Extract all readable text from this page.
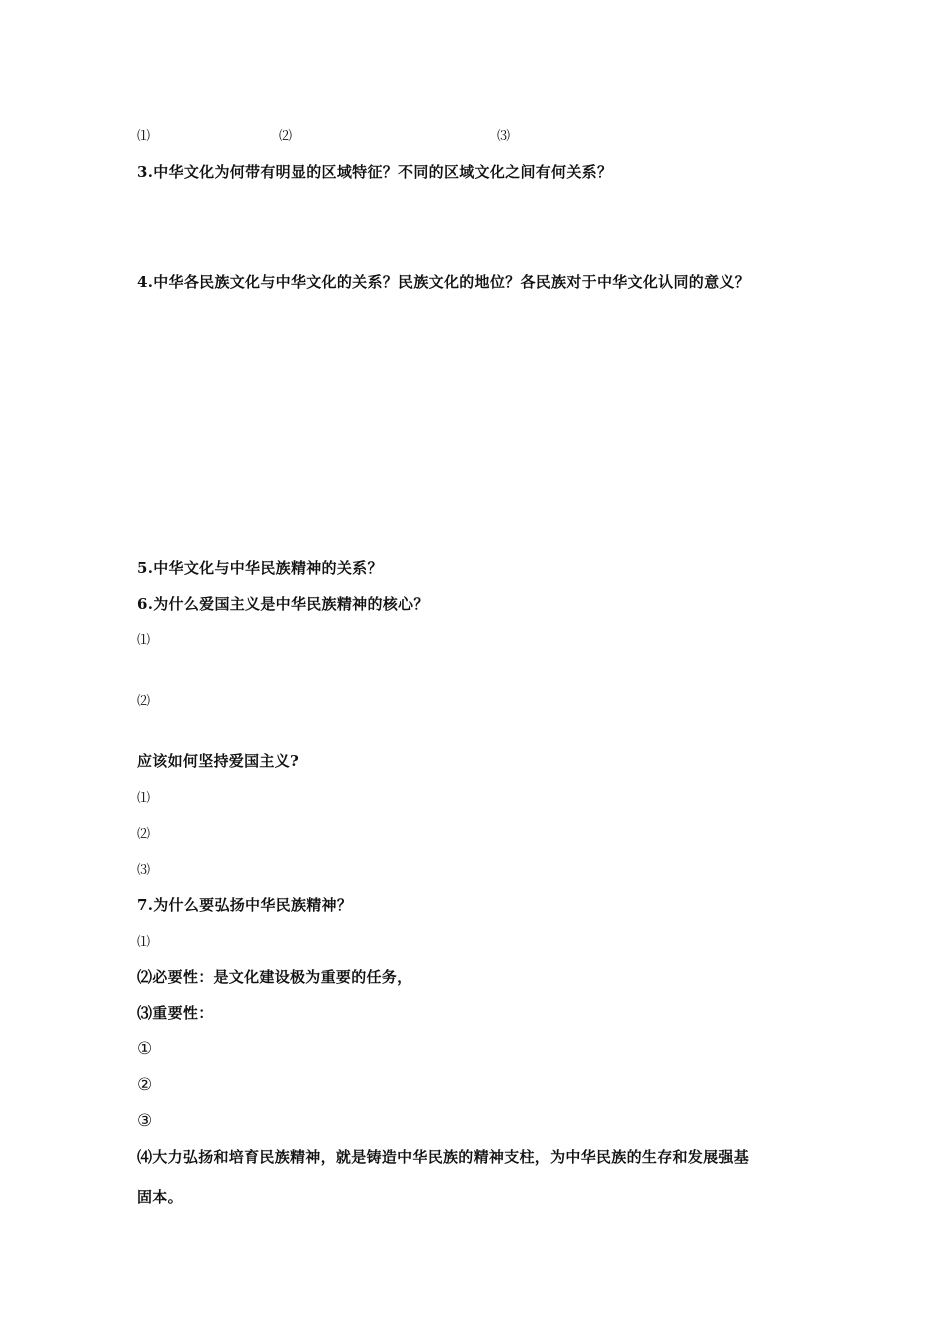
⑴	⑵	⑶
3.中华文化为何带有明显的区域特征？不同的区域文化之间有何关系？
4.中华各民族文化与中华文化的关系？民族文化的地位？各民族对于中华文化认同的意义？
5.中华文化与中华民族精神的关系？
6.为什么爱国主义是中华民族精神的核心？
⑴
⑵
应该如何坚持爱国主义?
⑴
⑵
⑶
7.为什么要弘扬中华民族精神？
⑴
⑵必要性：是文化建设极为重要的任务，
⑶重要性：
①
②
③
⑷大力弘扬和培育民族精神，就是铸造中华民族的精神支柱，为中华民族的生存和发展强基
固本。
